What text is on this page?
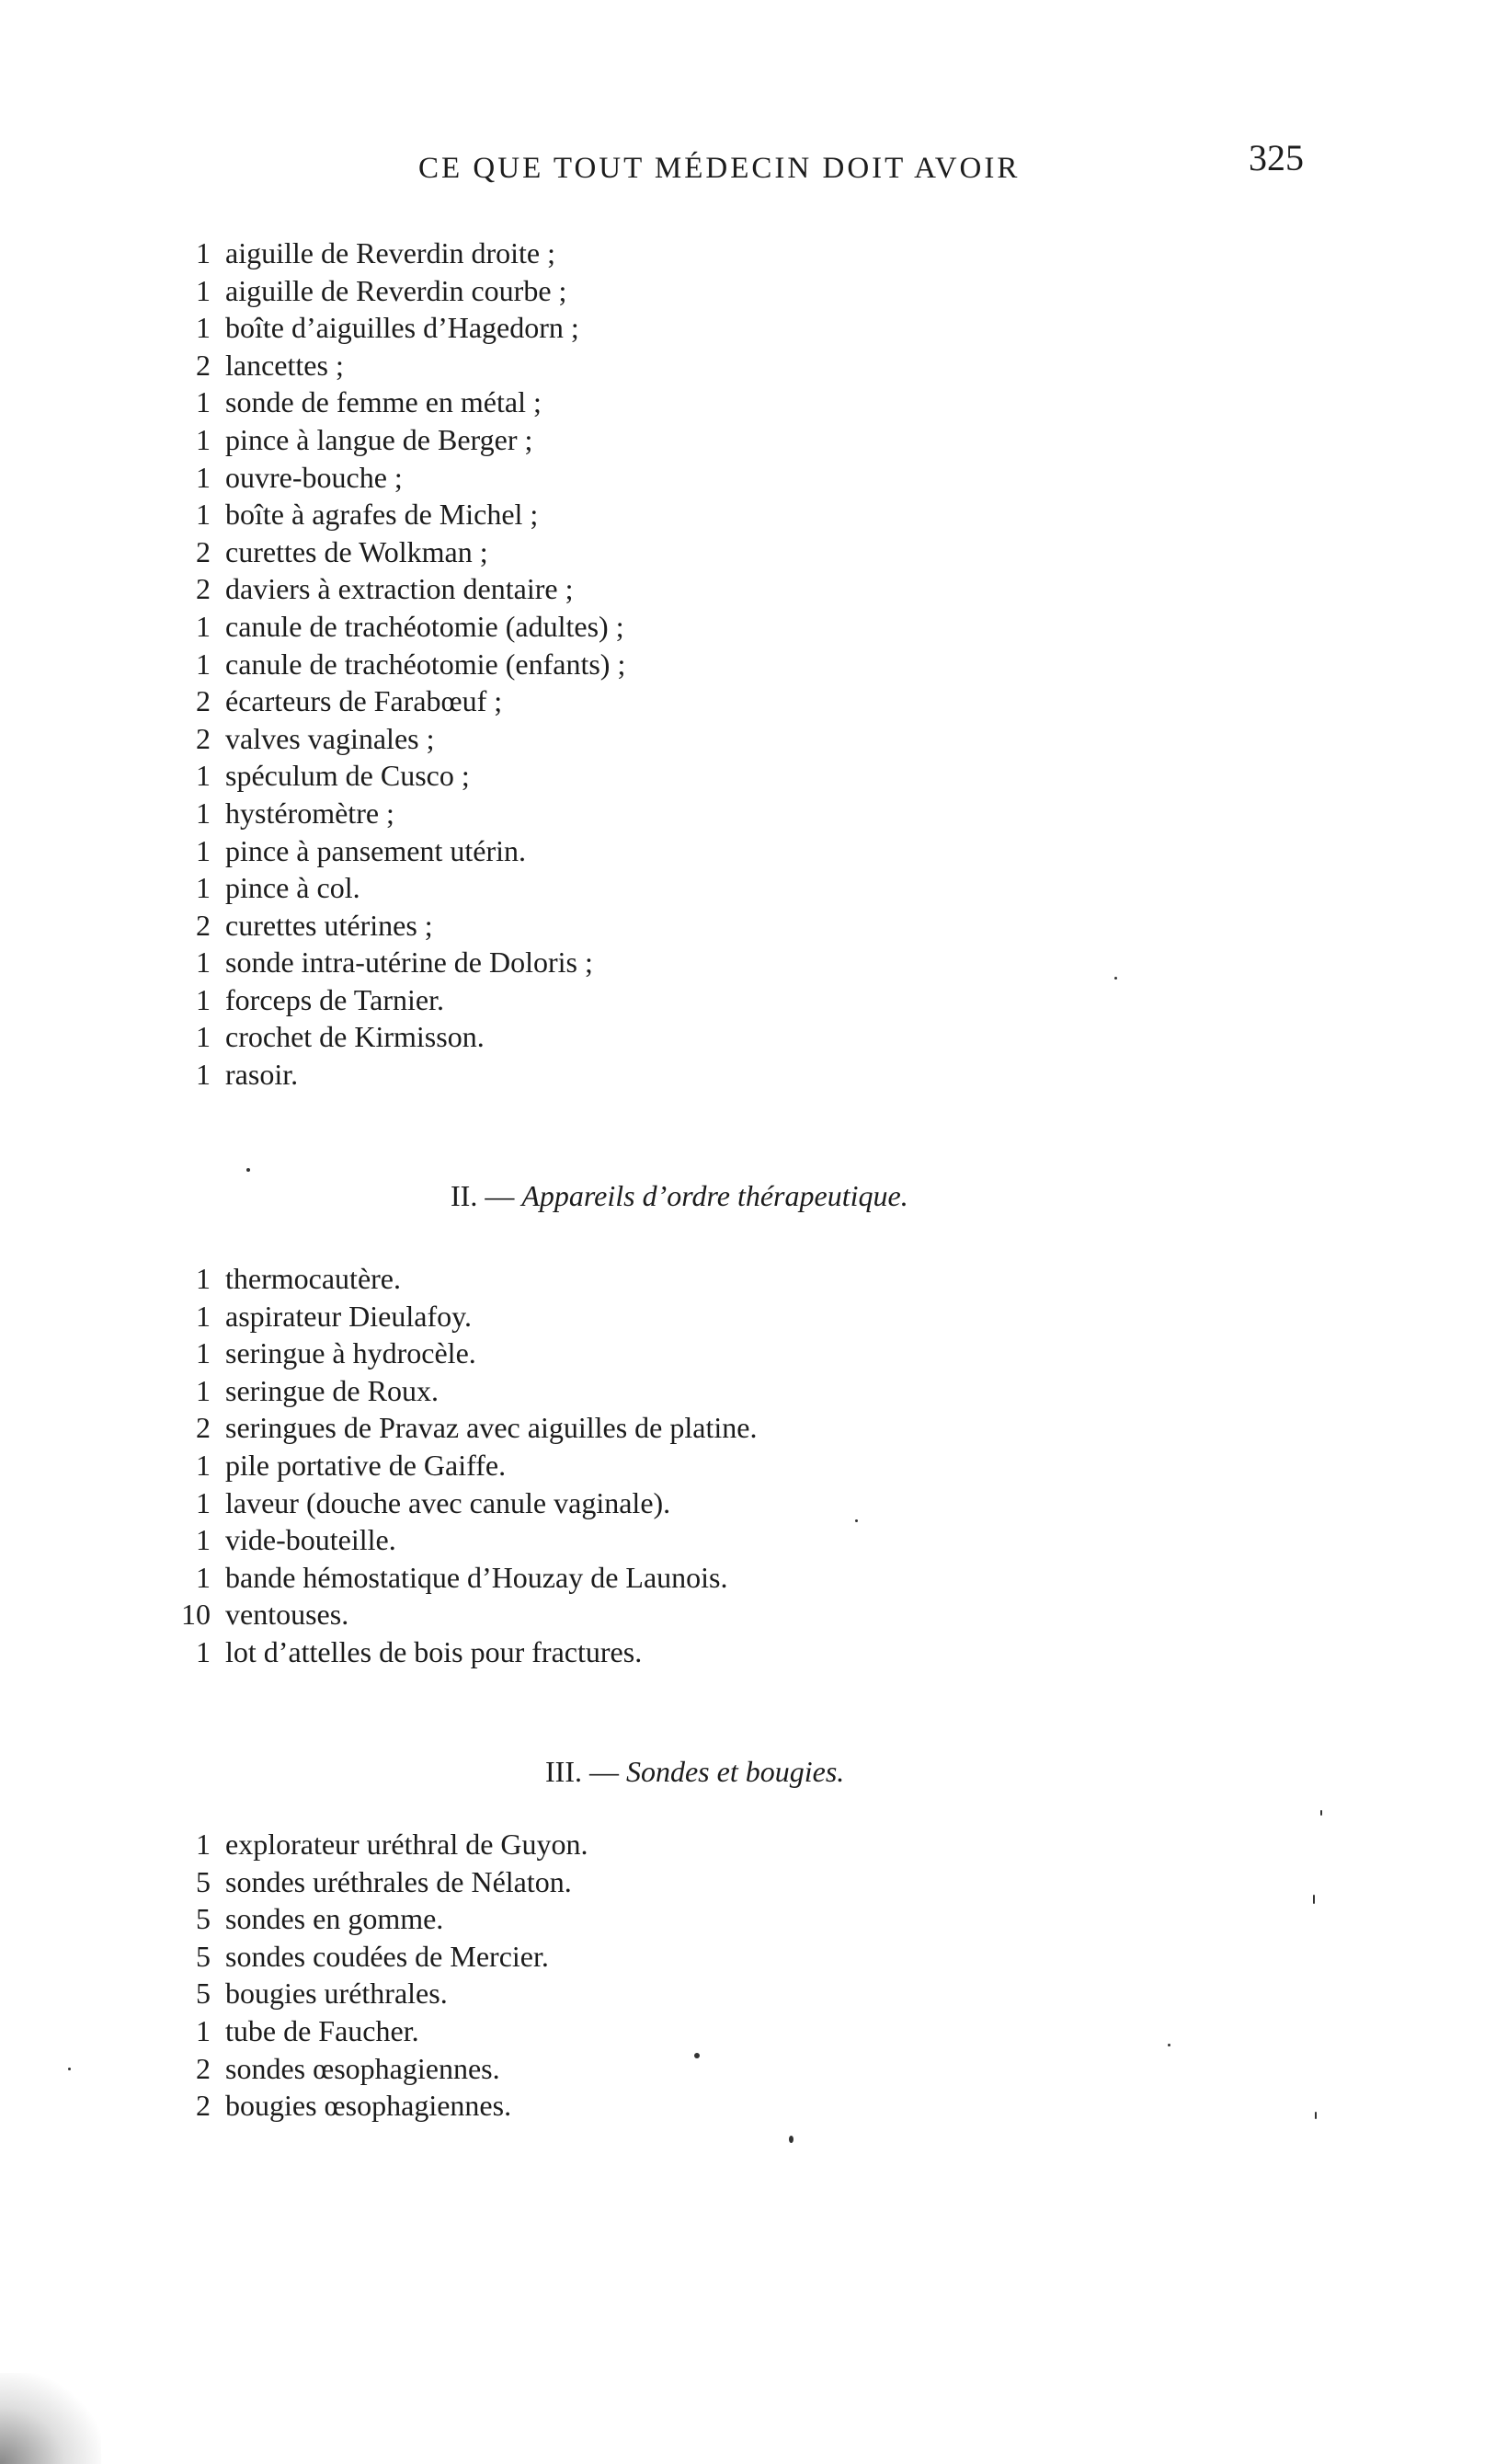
CE QUE TOUT MÉDECIN DOIT AVOIR	325
1 aiguille de Reverdin droite ;
1 aiguille de Reverdin courbe ;
1 boîte d’aiguilles d’Hagedorn ;
2 lancettes ;
1 sonde de femme en métal ;
1 pince à langue de Berger ;
1 ouvre-bouche ;
1 boîte à agrafes de Michel ;
2 curettes de Wolkman ;
2 daviers à extraction dentaire ;
1 canule de trachéotomie (adultes) ;
1 canule de trachéotomie (enfants) ;
2 écarteurs de Farabœuf ;
2 valves vaginales ;
1 spéculum de Cusco ;
1 hystéromètre ;
1 pince à pansement utérin.
1 pince à col.
2 curettes utérines ;
1 sonde intra-utérine de Doloris ;
1 forceps de Tarnier.
1 crochet de Kirmisson.
1 rasoir.
II. — Appareils d’ordre thérapeutique.
1 thermocautère.
1 aspirateur Dieulafoy.
1 seringue à hydrocèle.
1 seringue de Roux.
2 seringues de Pravaz avec aiguilles de platine.
1 pile portative de Gaiffe.
1 laveur (douche avec canule vaginale).
1 vide-bouteille.
1 bande hémostatique d’Houzay de Launois.
10 ventouses.
1 lot d’attelles de bois pour fractures.
III. — Sondes et bougies.
1 explorateur uréthral de Guyon.
5 sondes uréthrales de Nélaton.
5 sondes en gomme.
5 sondes coudées de Mercier.
5 bougies uréthrales.
1 tube de Faucher.
2 sondes œsophagiennes.
2 bougies œsophagiennes.
